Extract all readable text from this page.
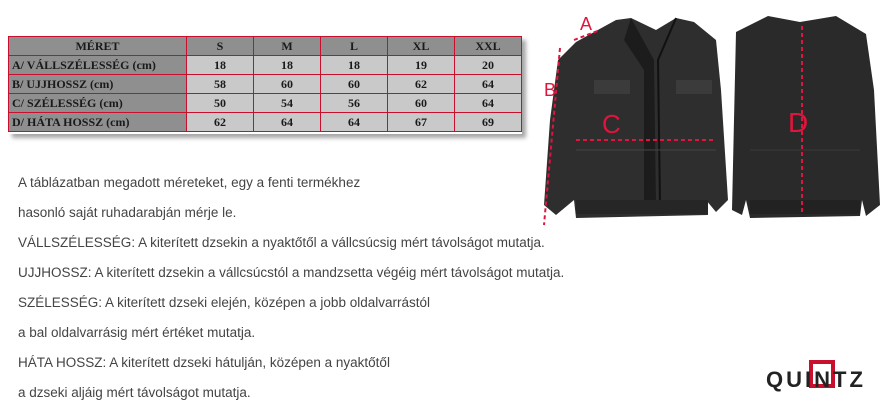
MÉRET	S	M	L	XL	XXL
A/ VÁLLSZÉLESSÉG (cm)	18	18	18	19	20
B/ UJJHOSSZ (cm)	58	60	60	62	64
C/ SZÉLESSÉG (cm)	50	54	56	60	64
D/ HÁTA HOSSZ (cm)	62	64	64	67	69
A táblázatban megadott méreteket, egy a fenti termékhez
hasonló saját ruhadarabján mérje le.
VÁLLSZÉLESSÉG: A kiterített dzsekin a nyaktőtől a vállcsúcsig mért távolságot mutatja.
UJJHOSSZ: A kiterített dzsekin a vállcsúcstól a mandzsetta végéig mért távolságot mutatja.
SZÉLESSÉG: A kiterített dzseki elején, középen a jobb oldalvarrástól
a bal oldalvarrásig mért értéket mutatja.
HÁTA HOSSZ: A kiterített dzseki hátulján, középen a nyaktőtől
a dzseki aljáig mért távolságot mutatja.
A
B
C	D
QUINTZ
